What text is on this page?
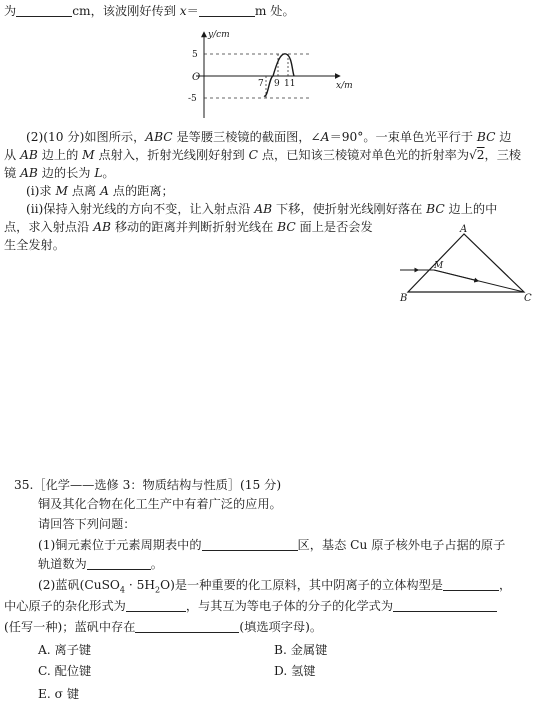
为	cm，该波刚好传到 x＝	m 处。
y/cm
x/m
O
5
-5
7 9 11
(2)(10 分)如图所示，ABC 是等腰三棱镜的截面图，∠A＝90°。一束单色光平行于 BC 边
从 AB 边上的 M 点射入，折射光线刚好射到 C 点，已知该三棱镜对单色光的折射率为√2，三棱
镜 AB 边的长为 L。
(ⅰ)求 M 点离 A 点的距离；
(ⅱ)保持入射光线的方向不变，让入射点沿 AB 下移，使折射光线刚好落在 BC 边上的中
点，求入射点沿 AB 移动的距离并判断折射光线在 BC 面上是否会发
生全发射。
A
B	C
M
35.［化学——选修 3：物质结构与性质］(15 分)
铜及其化合物在化工生产中有着广泛的应用。
请回答下列问题：
(1)铜元素位于元素周期表中的	区，基态 Cu 原子核外电子占据的原子
轨道数为	。
(2)蓝矾(CuSO$_4$ · $5H_2O$)是一种重要的化工原料，其中阴离子的立体构型是	，
中心原子的杂化形式为	，与其互为等电子体的分子的化学式为
(任写一种)；蓝矾中存在	(填选项字母)。
A. 离子键	B. 金属键
C. 配位键	D. 氢键
E. σ 键
